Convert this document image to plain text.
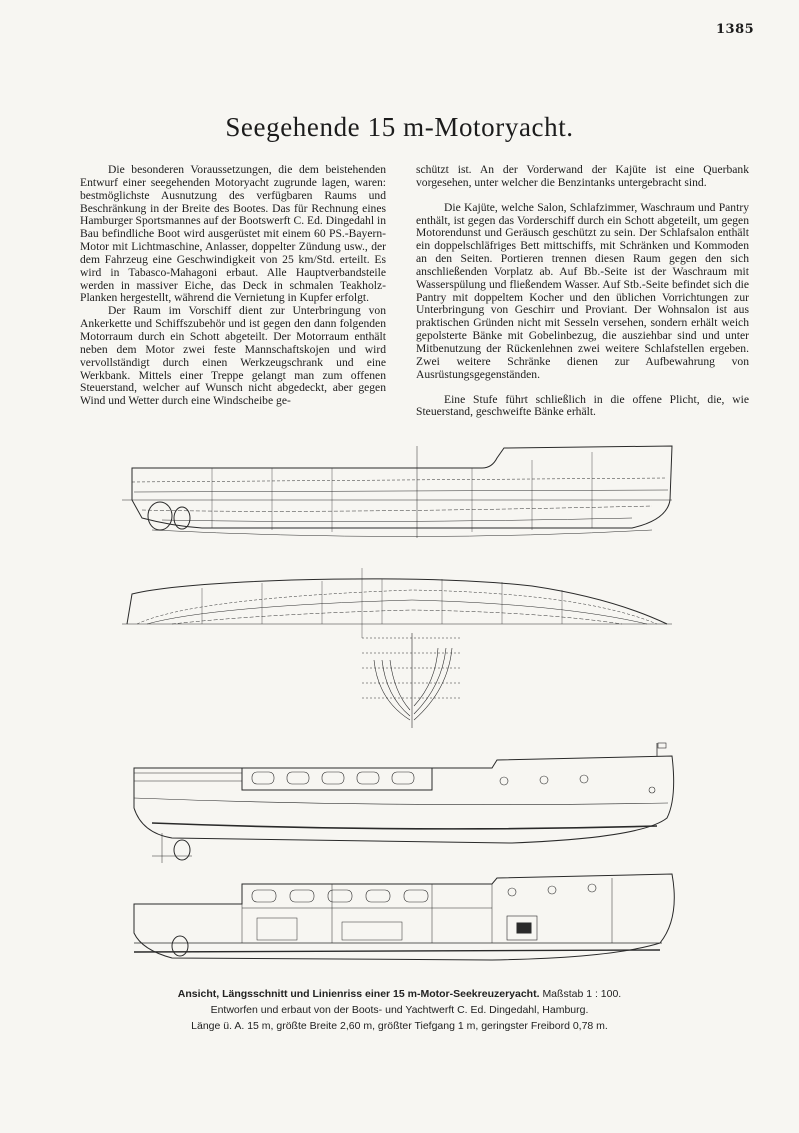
1385
Seegehende 15 m-Motoryacht.

Die besonderen Voraussetzungen, die dem beistehenden Entwurf einer seegehenden Motoryacht zugrunde lagen, waren: bestmöglichste Ausnutzung des verfügbaren Raums und Beschränkung in der Breite des Bootes. Das für Rechnung eines Hamburger Sportsmannes auf der Bootswerft C. Ed. Dingedahl in Bau befindliche Boot wird ausgerüstet mit einem 60 PS.-Bayern-Motor mit Lichtmaschine, Anlasser, doppelter Zündung usw., der dem Fahrzeug eine Geschwindigkeit von 25 km/Std. erteilt. Es wird in Tabasco-Mahagoni erbaut. Alle Hauptverbandsteile werden in massiver Eiche, das Deck in schmalen Teakholz-Planken hergestellt, während die Vernietung in Kupfer erfolgt.

Der Raum im Vorschiff dient zur Unterbringung von Ankerkette und Schiffszubehör und ist gegen den dann folgenden Motorraum durch ein Schott abgeteilt. Der Motorraum enthält neben dem Motor zwei feste Mannschaftskojen und wird vervollständigt durch einen Werkzeugschrank und eine Werkbank. Mittels einer Treppe gelangt man zum offenen Steuerstand, welcher auf Wunsch nicht abgedeckt, aber gegen Wind und Wetter durch eine Windscheibe ge-

schützt ist. An der Vorderwand der Kajüte ist eine Querbank vorgesehen, unter welcher die Benzintanks untergebracht sind.

Die Kajüte, welche Salon, Schlafzimmer, Waschraum und Pantry enthält, ist gegen das Vorderschiff durch ein Schott abgeteilt, um gegen Motorendunst und Geräusch geschützt zu sein. Der Schlafsalon enthält ein doppelschläfriges Bett mittschiffs, mit Schränken und Kommoden an den Seiten. Portieren trennen diesen Raum gegen den sich anschließenden Vorplatz ab. Auf Bb.-Seite ist der Waschraum mit Wasserspülung und fließendem Wasser. Auf Stb.-Seite befindet sich die Pantry mit doppeltem Kocher und den üblichen Vorrichtungen zur Unterbringung von Geschirr und Proviant. Der Wohnsalon ist aus praktischen Gründen nicht mit Sesseln versehen, sondern erhält weich gepolsterte Bänke mit Gobelinbezug, die ausziehbar sind und unter Mitbenutzung der Rückenlehnen zwei weitere Schlafstellen ergeben. Zwei weitere Schränke dienen zur Aufbewahrung von Ausrüstungsgegenständen.

Eine Stufe führt schließlich in die offene Plicht, die, wie Steuerstand, geschweifte Bänke erhält.

Ansicht, Längsschnitt und Linienriss einer 15 m-Motor-Seekreuzeryacht. Maßstab 1 : 100.
Entworfen und erbaut von der Boots- und Yachtwerft C. Ed. Dingedahl, Hamburg.
Länge ü. A. 15 m, größte Breite 2,60 m, größter Tiefgang 1 m, geringster Freibord 0,78 m.
